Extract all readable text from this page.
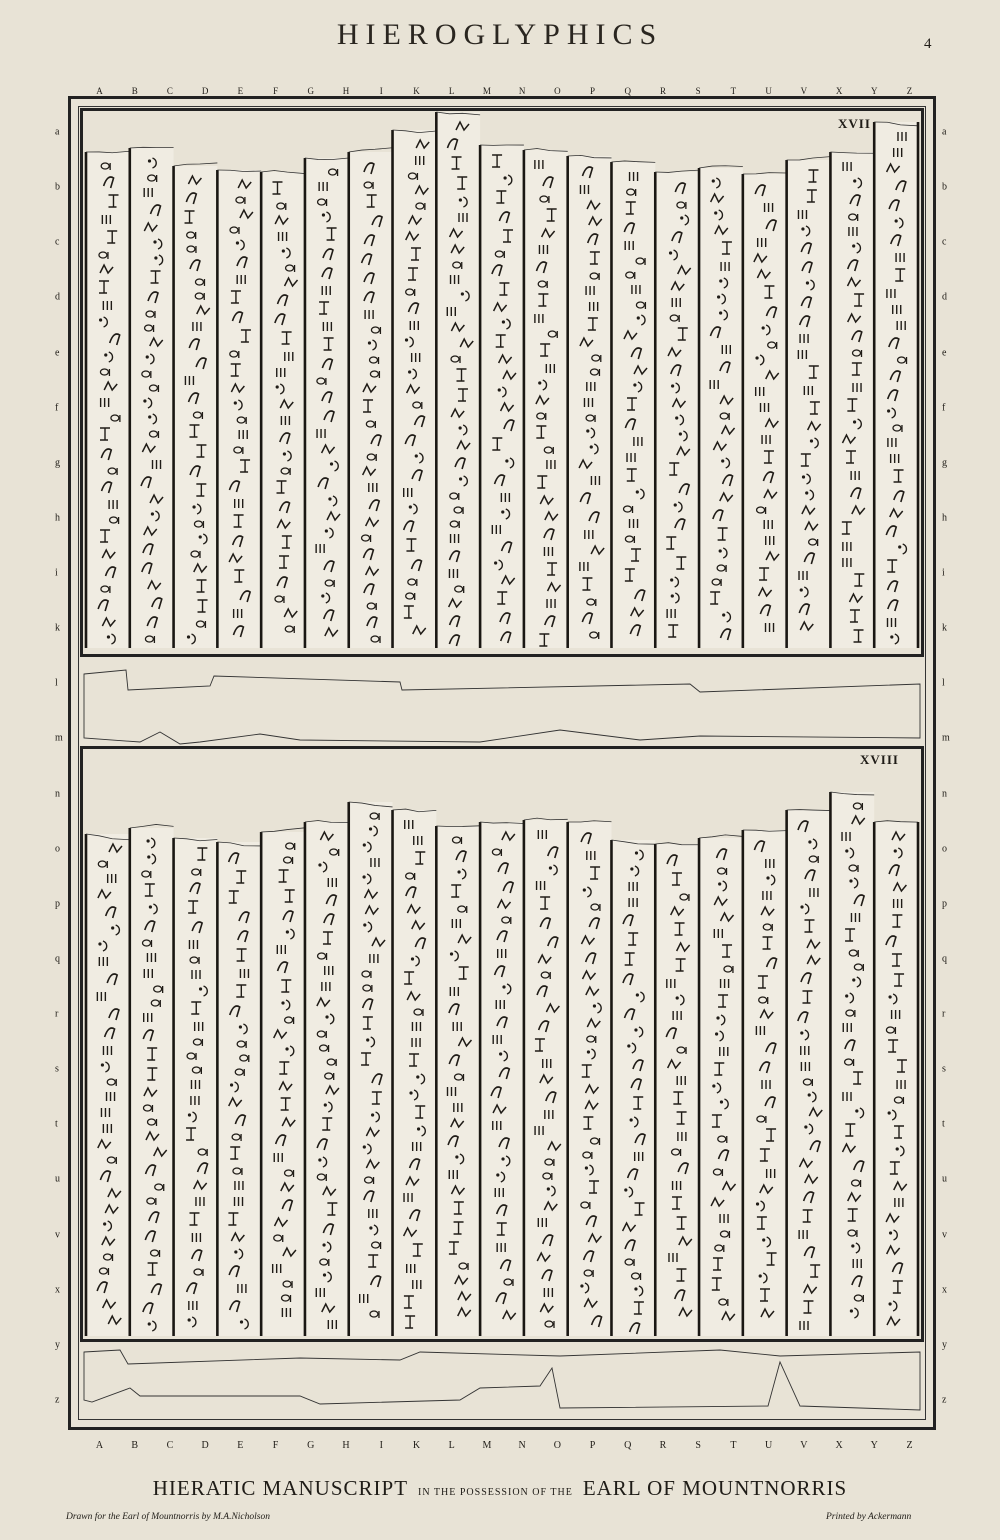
HIEROGLYPHICS	4
A	B	C	D	E	F	G	H	I	K	L	M	N	O	P	Q	R	S	T	U	V	X	Y	Z
A	B	C	D	E	F	G	H	I	K	L	M	N	O	P	Q	R	S	T	U	V	X	Y	Z
a
b
c
d
e
f
g
h
i
k
l
m
n
o
p
q
r
s
t
u
v
x
y
z
a
b
c
d
e
f
g
h
i
k
l
m
n
o
p
q
r
s
t
u
v
x
y
z
XVII
XVIII
HIERATIC MANUSCRIPT IN THE POSSESSION OF THE EARL OF MOUNTNORRIS
Drawn for the Earl of Mountnorris by M.A.Nicholson	Printed by Ackermann
